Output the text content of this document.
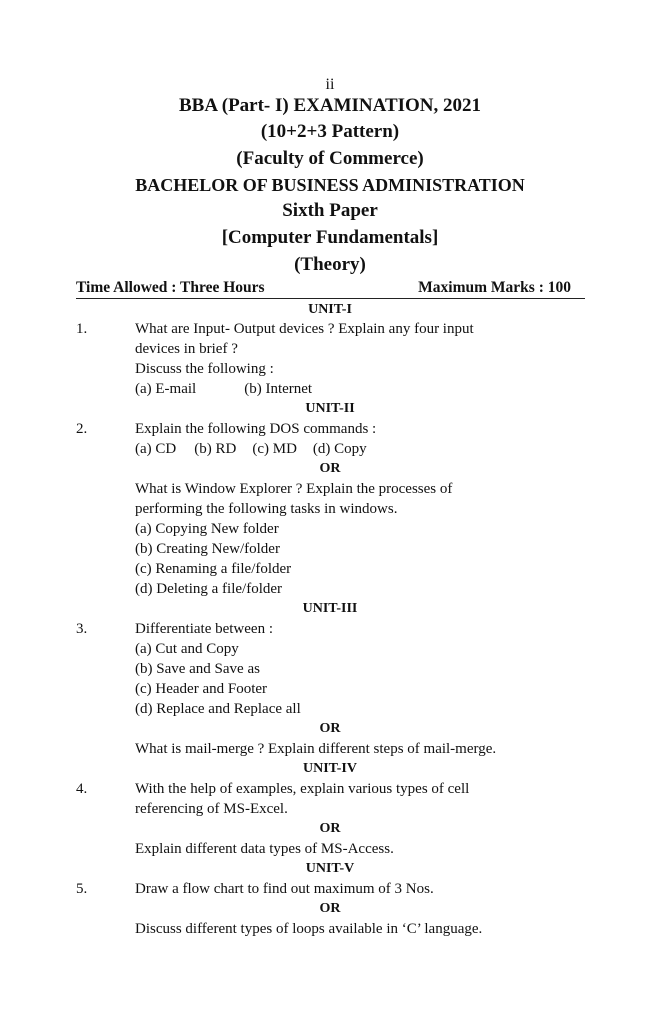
ii
BBA (Part- I) EXAMINATION, 2021
(10+2+3 Pattern)
(Faculty of Commerce)
BACHELOR OF BUSINESS ADMINISTRATION
Sixth Paper
[Computer Fundamentals]
(Theory)
Time Allowed : Three Hours	Maximum Marks : 100
UNIT-I
1.	What are Input- Output devices ? Explain any four input
devices in brief ?
Discuss the following :
(a) E-mail	(b) Internet
UNIT-II
2.	Explain the following DOS commands :
(a) CD (b) RD (c) MD (d) Copy
OR
What is Window Explorer ? Explain the processes of
performing the following tasks in windows.
(a) Copying New folder
(b) Creating New/folder
(c) Renaming a file/folder
(d) Deleting a file/folder
UNIT-III
3.	Differentiate between :
(a) Cut and Copy
(b) Save and Save as
(c) Header and Footer
(d) Replace and Replace all
OR
What is mail-merge ? Explain different steps of mail-merge.
UNIT-IV
4.	With the help of examples, explain various types of cell
referencing of MS-Excel.
OR
Explain different data types of MS-Access.
UNIT-V
5.	Draw a flow chart to find out maximum of 3 Nos.
OR
Discuss different types of loops available in ‘C’ language.
